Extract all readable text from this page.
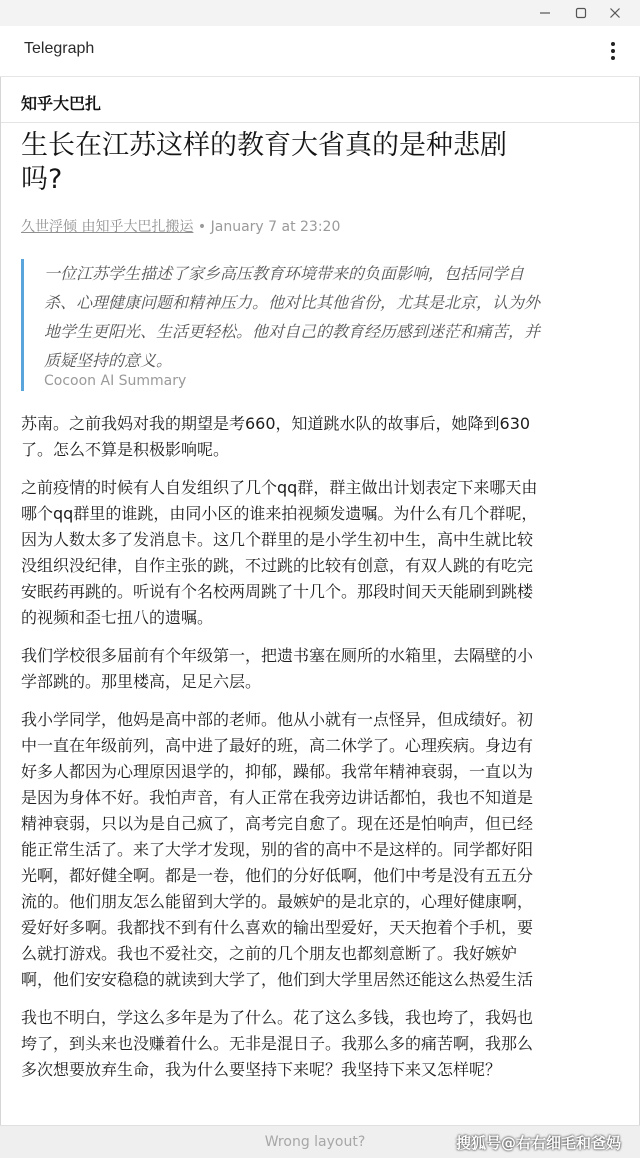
Telegraph
知乎大巴扎
生长在江苏这样的教育大省真的是种悲剧
吗?
久世浮倾 由知乎大巴扎搬运 • January 7 at 23:20
一位江苏学生描述了家乡高压教育环境带来的负面影响，包括同学自
杀、心理健康问题和精神压力。他对比其他省份，尤其是北京，认为外
地学生更阳光、生活更轻松。他对自己的教育经历感到迷茫和痛苦，并
质疑坚持的意义。
Cocoon AI Summary

苏南。之前我妈对我的期望是考660，知道跳水队的故事后，她降到630
了。怎么不算是积极影响呢。

之前疫情的时候有人自发组织了几个qq群，群主做出计划表定下来哪天由
哪个qq群里的谁跳，由同小区的谁来拍视频发遗嘱。为什么有几个群呢，
因为人数太多了发消息卡。这几个群里的是小学生初中生，高中生就比较
没组织没纪律，自作主张的跳，不过跳的比较有创意，有双人跳的有吃完
安眠药再跳的。听说有个名校两周跳了十几个。那段时间天天能刷到跳楼
的视频和歪七扭八的遗嘱。

我们学校很多届前有个年级第一，把遗书塞在厕所的水箱里，去隔壁的小
学部跳的。那里楼高，足足六层。

我小学同学，他妈是高中部的老师。他从小就有一点怪异，但成绩好。初
中一直在年级前列，高中进了最好的班，高二休学了。心理疾病。身边有
好多人都因为心理原因退学的，抑郁，躁郁。我常年精神衰弱，一直以为
是因为身体不好。我怕声音，有人正常在我旁边讲话都怕，我也不知道是
精神衰弱，只以为是自己疯了，高考完自愈了。现在还是怕响声，但已经
能正常生活了。来了大学才发现，别的省的高中不是这样的。同学都好阳
光啊，都好健全啊。都是一卷，他们的分好低啊，他们中考是没有五五分
流的。他们朋友怎么能留到大学的。最嫉妒的是北京的，心理好健康啊，
爱好好多啊。我都找不到有什么喜欢的输出型爱好，天天抱着个手机，要
么就打游戏。我也不爱社交，之前的几个朋友也都刻意断了。我好嫉妒
啊，他们安安稳稳的就读到大学了，他们到大学里居然还能这么热爱生活

我也不明白，学这么多年是为了什么。花了这么多钱，我也垮了，我妈也
垮了，到头来也没赚着什么。无非是混日子。我那么多的痛苦啊，我那么
多次想要放弃生命，我为什么要坚持下来呢？我坚持下来又怎样呢？

Wrong layout?	搜狐号@右右细毛和爸妈
